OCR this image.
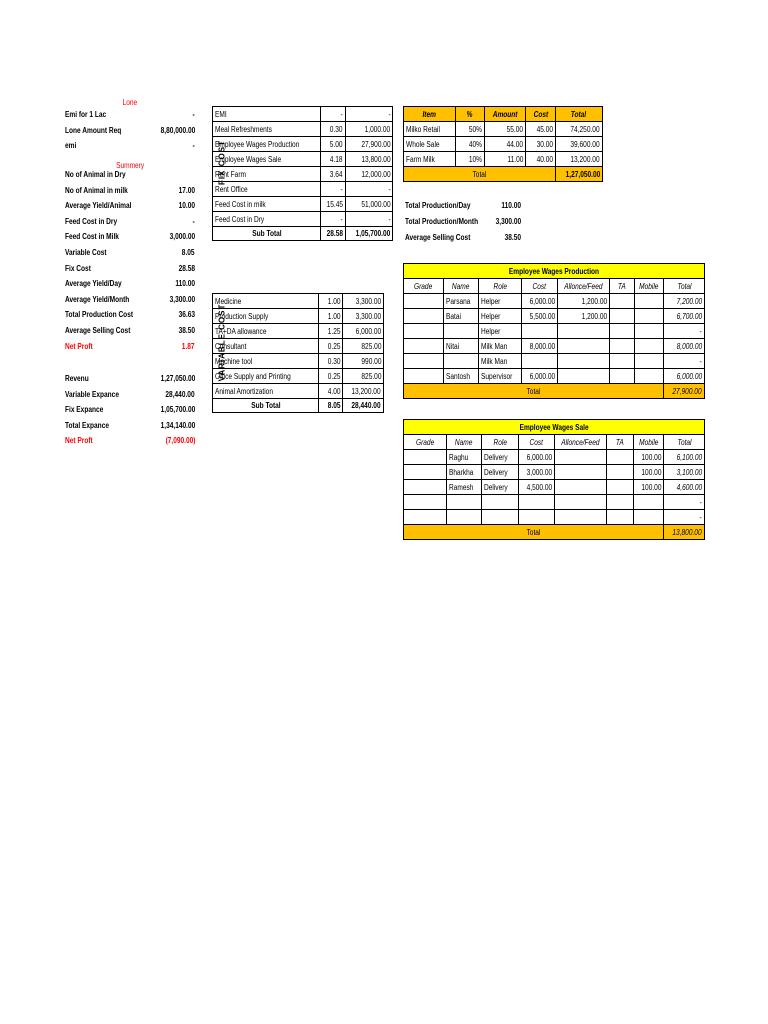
Lone
Emi for 1 Lac	-
Lone Amount Req	8,80,000.00
emi	-
Summery
No of Animal in Dry
No of Animal in milk	17.00
Average Yield/Animal	10.00
Feed Cost in Dry	-
Feed Cost in Milk	3,000.00
Variable Cost	8.05
Fix Cost	28.58
Average Yield/Day	110.00
Average Yield/Month	3,300.00
Total Production Cost	36.63
Average Selling Cost	38.50
Net Proft	1.87
Revenu	1,27,050.00
Variable Expance	28,440.00
Fix Expance	1,05,700.00
Total Expance	1,34,140.00
Net Proft	(7,090.00)
FIX COST
EMI	-	-
Meal Refreshments	0.30	1,000.00
Employee Wages Production	5.00	27,900.00
Employee Wages Sale	4.18	13,800.00
Rent Farm	3.64	12,000.00
Rent Office	-	-
Feed Cost in milk	15.45	51,000.00
Feed Cost in Dry	-	-
Sub Total	28.58	1,05,700.00
VARIABLE COST
Medicine	1.00	3,300.00
Production Supply	1.00	3,300.00
TA+DA allowance	1.25	6,000.00
Consultant	0.25	825.00
Machine tool	0.30	990.00
Office Supply and Printing	0.25	825.00
Animal Amortization	4.00	13,200.00
Sub Total	8.05	28,440.00
Item	%	Amount	Cost	Total
Milko Retail	50%	55.00	45.00	74,250.00
Whole Sale	40%	44.00	30.00	39,600.00
Farm Milk	10%	11.00	40.00	13,200.00
Total				1,27,050.00
Total Production/Day	110.00
Total Production/Month 3,300.00
Average Selling Cost	38.50
Employee Wages Production							
Grade	Name	Role	Cost	Allonce/Feed	TA	Mobile	Total
	Parsana	Helper	6,000.00	1,200.00			7,200.00
	Batai	Helper	5,500.00	1,200.00			6,700.00
		Helper					-
	Nitai	Milk Man	8,000.00				8,000.00
		Milk Man					-
	Santosh	Supervisor	6,000.00				6,000.00
Total							27,900.00
Employee Wages Sale							
Grade	Name	Role	Cost	Allonce/Feed	TA	Mobile	Total
	Raghu	Delivery	6,000.00			100.00	6,100.00
	Bharkha	Delivery	3,000.00			100.00	3,100.00
	Ramesh	Delivery	4,500.00			100.00	4,600.00
							-
							-
Total							13,800.00
